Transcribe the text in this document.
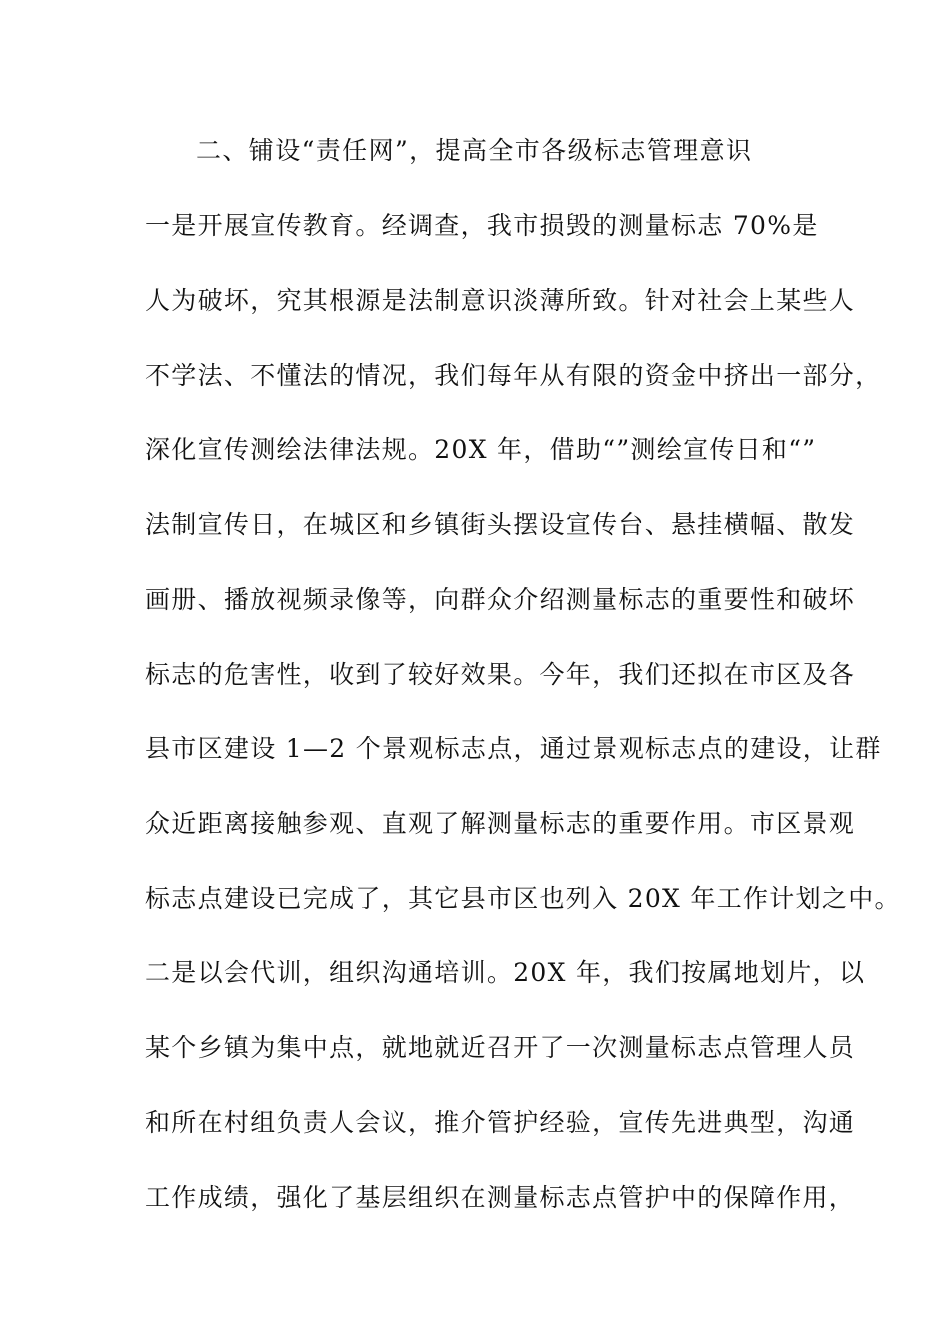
二、铺设“责任网”，提高全市各级标志管理意识
一是开展宣传教育。经调查，我市损毁的测量标志 70%是
人为破坏，究其根源是法制意识淡薄所致。针对社会上某些人
不学法、不懂法的情况，我们每年从有限的资金中挤出一部分，
深化宣传测绘法律法规。20X 年，借助“”测绘宣传日和“”
法制宣传日，在城区和乡镇街头摆设宣传台、悬挂横幅、散发
画册、播放视频录像等，向群众介绍测量标志的重要性和破坏
标志的危害性，收到了较好效果。今年，我们还拟在市区及各
县市区建设 1—2 个景观标志点，通过景观标志点的建设，让群
众近距离接触参观、直观了解测量标志的重要作用。市区景观
标志点建设已完成了，其它县市区也列入 20X 年工作计划之中。
二是以会代训，组织沟通培训。20X 年，我们按属地划片，以
某个乡镇为集中点，就地就近召开了一次测量标志点管理人员
和所在村组负责人会议，推介管护经验，宣传先进典型，沟通
工作成绩，强化了基层组织在测量标志点管护中的保障作用，
